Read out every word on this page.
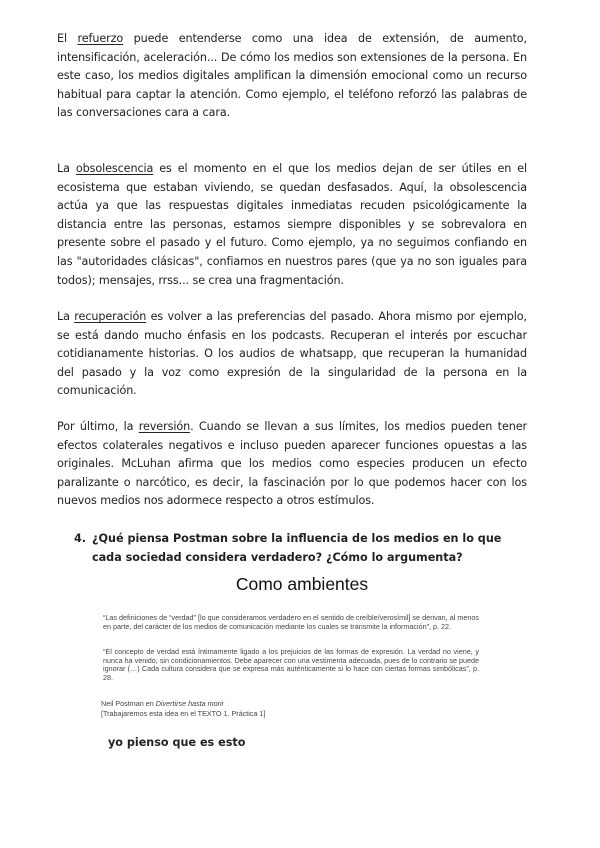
El refuerzo puede entenderse como una idea de extensión, de aumento, intensificación, aceleración... De cómo los medios son extensiones de la persona. En este caso, los medios digitales amplifican la dimensión emocional como un recurso habitual para captar la atención. Como ejemplo, el teléfono reforzó las palabras de las conversaciones cara a cara.

La obsolescencia es el momento en el que los medios dejan de ser útiles en el ecosistema que estaban viviendo, se quedan desfasados. Aquí, la obsolescencia actúa ya que las respuestas digitales inmediatas recuden psicológicamente la distancia entre las personas, estamos siempre disponibles y se sobrevalora en presente sobre el pasado y el futuro. Como ejemplo, ya no seguimos confiando en las "autoridades clásicas", confiamos en nuestros pares (que ya no son iguales para todos); mensajes, rrss... se crea una fragmentación.

La recuperación es volver a las preferencias del pasado. Ahora mismo por ejemplo, se está dando mucho énfasis en los podcasts. Recuperan el interés por escuchar cotidianamente historias. O los audios de whatsapp, que recuperan la humanidad del pasado y la voz como expresión de la singularidad de la persona en la comunicación.

Por último, la reversión. Cuando se llevan a sus límites, los medios pueden tener efectos colaterales negativos e incluso pueden aparecer funciones opuestas a las originales. McLuhan afirma que los medios como especies producen un efecto paralizante o narcótico, es decir, la fascinación por lo que podemos hacer con los nuevos medios nos adormece respecto a otros estímulos.

4. ¿Qué piensa Postman sobre la influencia de los medios en lo que cada sociedad considera verdadero? ¿Cómo lo argumenta?
Como ambientes
“Las definiciones de “verdad” [lo que consideramos verdadero en el sentido de creíble/verosímil] se derivan, al menos en parte, del carácter de los medios de comunicación mediante los cuales se transmite la información”, p. 22.
“El concepto de verdad está íntimamente ligado a los prejuicios de las formas de expresión. La verdad no viene, y nunca ha venido, sin condicionamientos. Debe aparecer con una vestimenta adecuada, pues de lo contrario se puede ignorar (…) Cada cultura considera que se expresa más auténticamente si lo hace con ciertas formas simbólicas”, p. 28.
Neil Postman en Divertirse hasta morir
[Trabajaremos esta idea en el TEXTO 1. Práctica 1]
yo pienso que es esto
